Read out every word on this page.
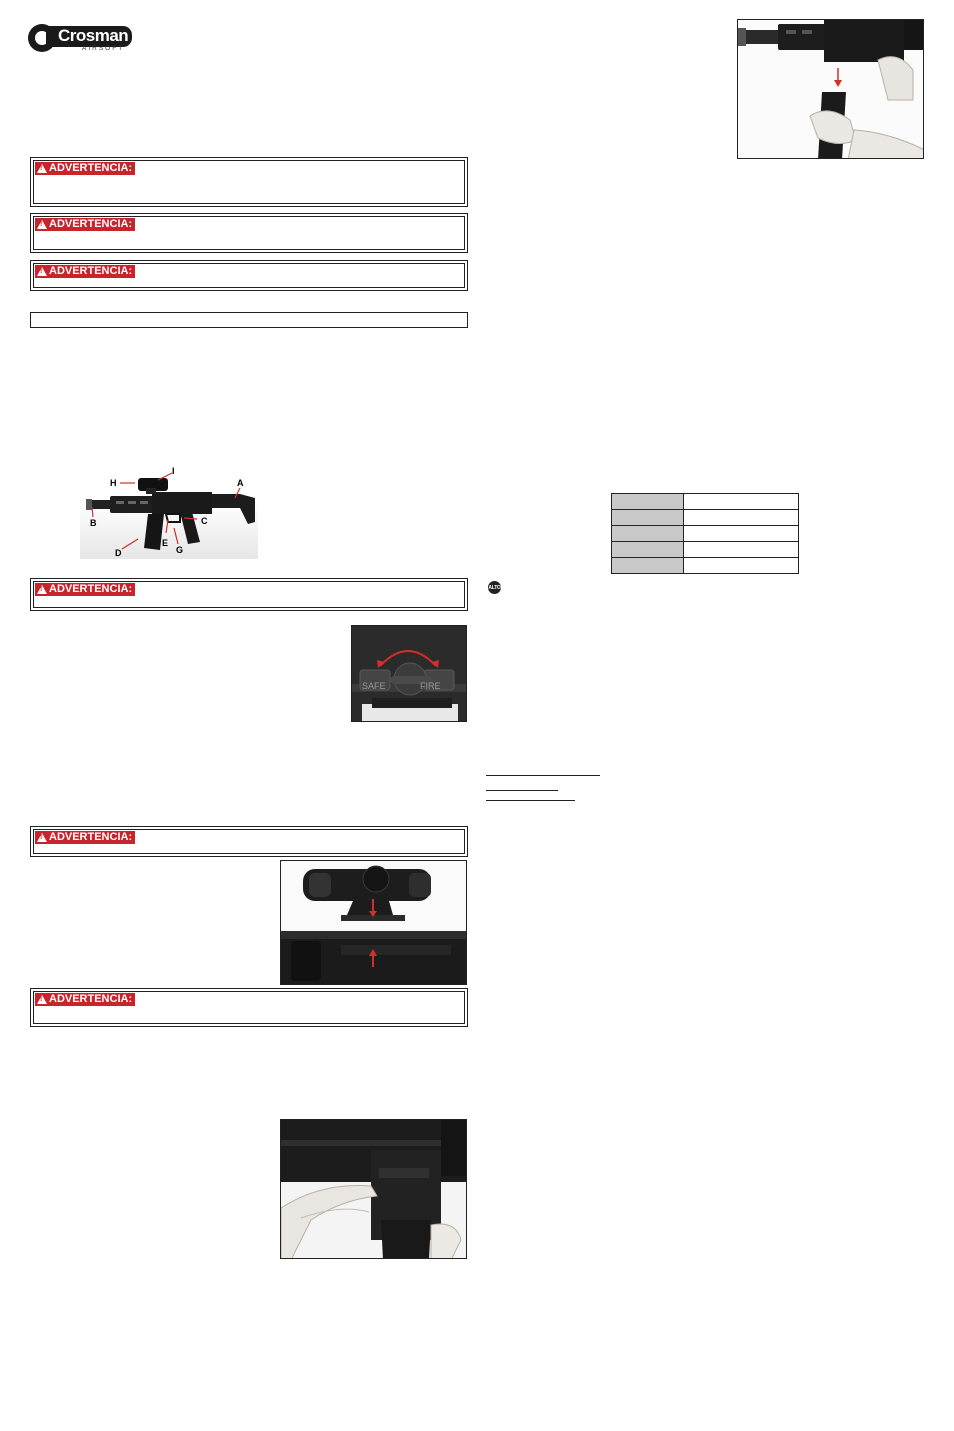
Crosman
AIRSOFT
!
ADVERTENCIA:
!
ADVERTENCIA:
!
ADVERTENCIA:
H
I
A
B	C
D
E
G
!
ADVERTENCIA:
SAFE	FIRE
!
ADVERTENCIA:
!
ADVERTENCIA:

ALTO
